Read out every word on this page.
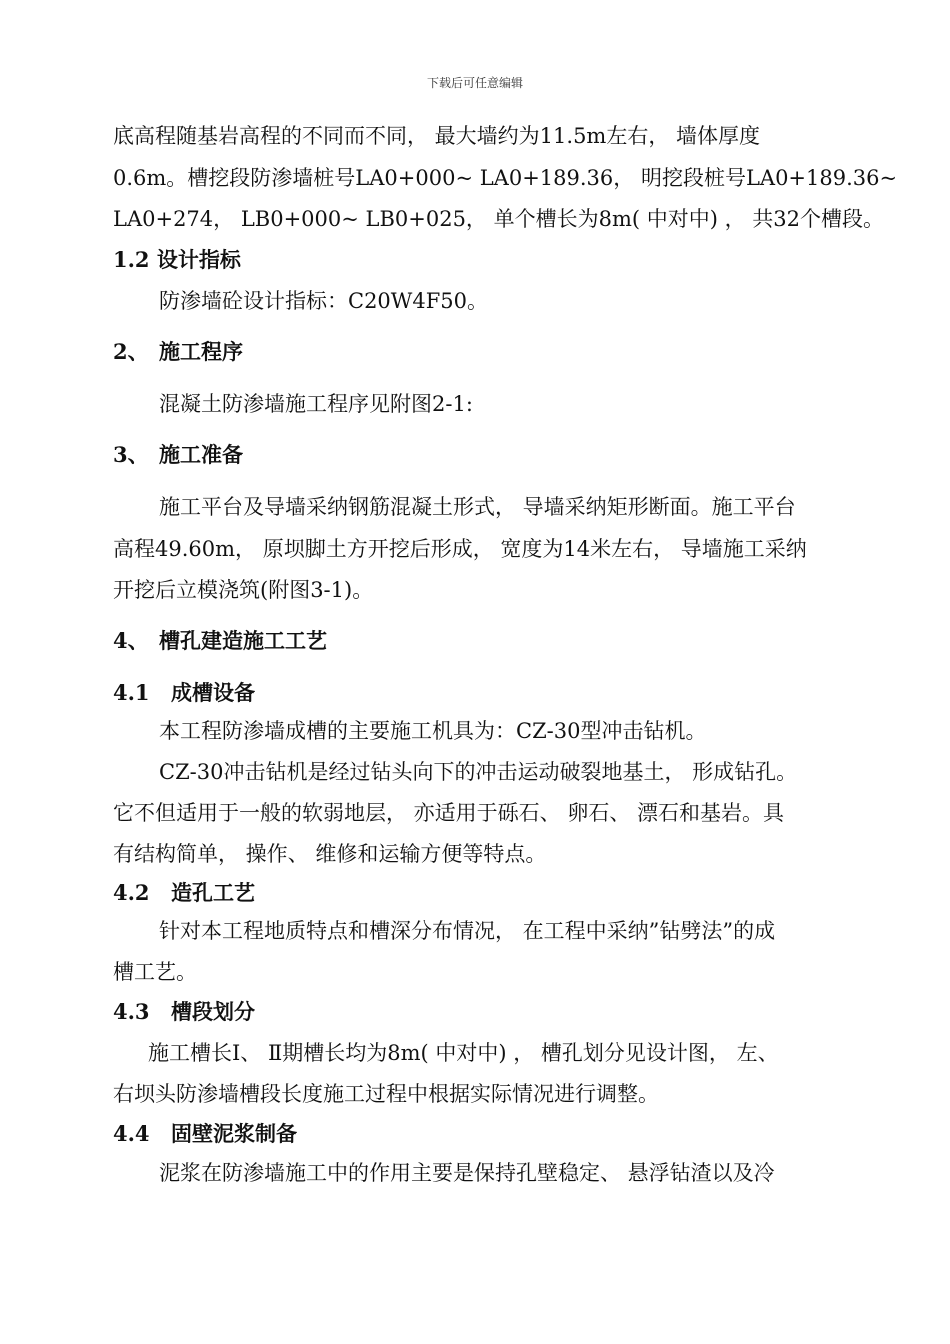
下载后可任意编辑
底高程随基岩高程的不同而不同， 最大墙约为11.5m左右， 墙体厚度
0.6m。槽挖段防渗墙桩号LA0+000~ LA0+189.36， 明挖段桩号LA0+189.36~
LA0+274， LB0+000~ LB0+025， 单个槽长为8m( 中对中) ， 共32个槽段。
1.2 设计指标
防渗墙砼设计指标：C20W4F50。
2、 施工程序
混凝土防渗墙施工程序见附图2-1:
3、 施工准备
施工平台及导墙采纳钢筋混凝土形式， 导墙采纳矩形断面。施工平台
高程49.60m， 原坝脚土方开挖后形成， 宽度为14米左右， 导墙施工采纳
开挖后立模浇筑(附图3-1)。
4、 槽孔建造施工工艺
4.1 成槽设备
本工程防渗墙成槽的主要施工机具为：CZ-30型冲击钻机。
CZ-30冲击钻机是经过钻头向下的冲击运动破裂地基土， 形成钻孔。
它不但适用于一般的软弱地层， 亦适用于砾石、 卵石、 漂石和基岩。具
有结构简单， 操作、 维修和运输方便等特点。
4.2 造孔工艺
针对本工程地质特点和槽深分布情况， 在工程中采纳”钻劈法”的成
槽工艺。
4.3 槽段划分
施工槽长Ⅰ、 Ⅱ期槽长均为8m( 中对中) ， 槽孔划分见设计图， 左、
右坝头防渗墙槽段长度施工过程中根据实际情况进行调整。
4.4 固壁泥浆制备
泥浆在防渗墙施工中的作用主要是保持孔壁稳定、 悬浮钻渣以及冷
